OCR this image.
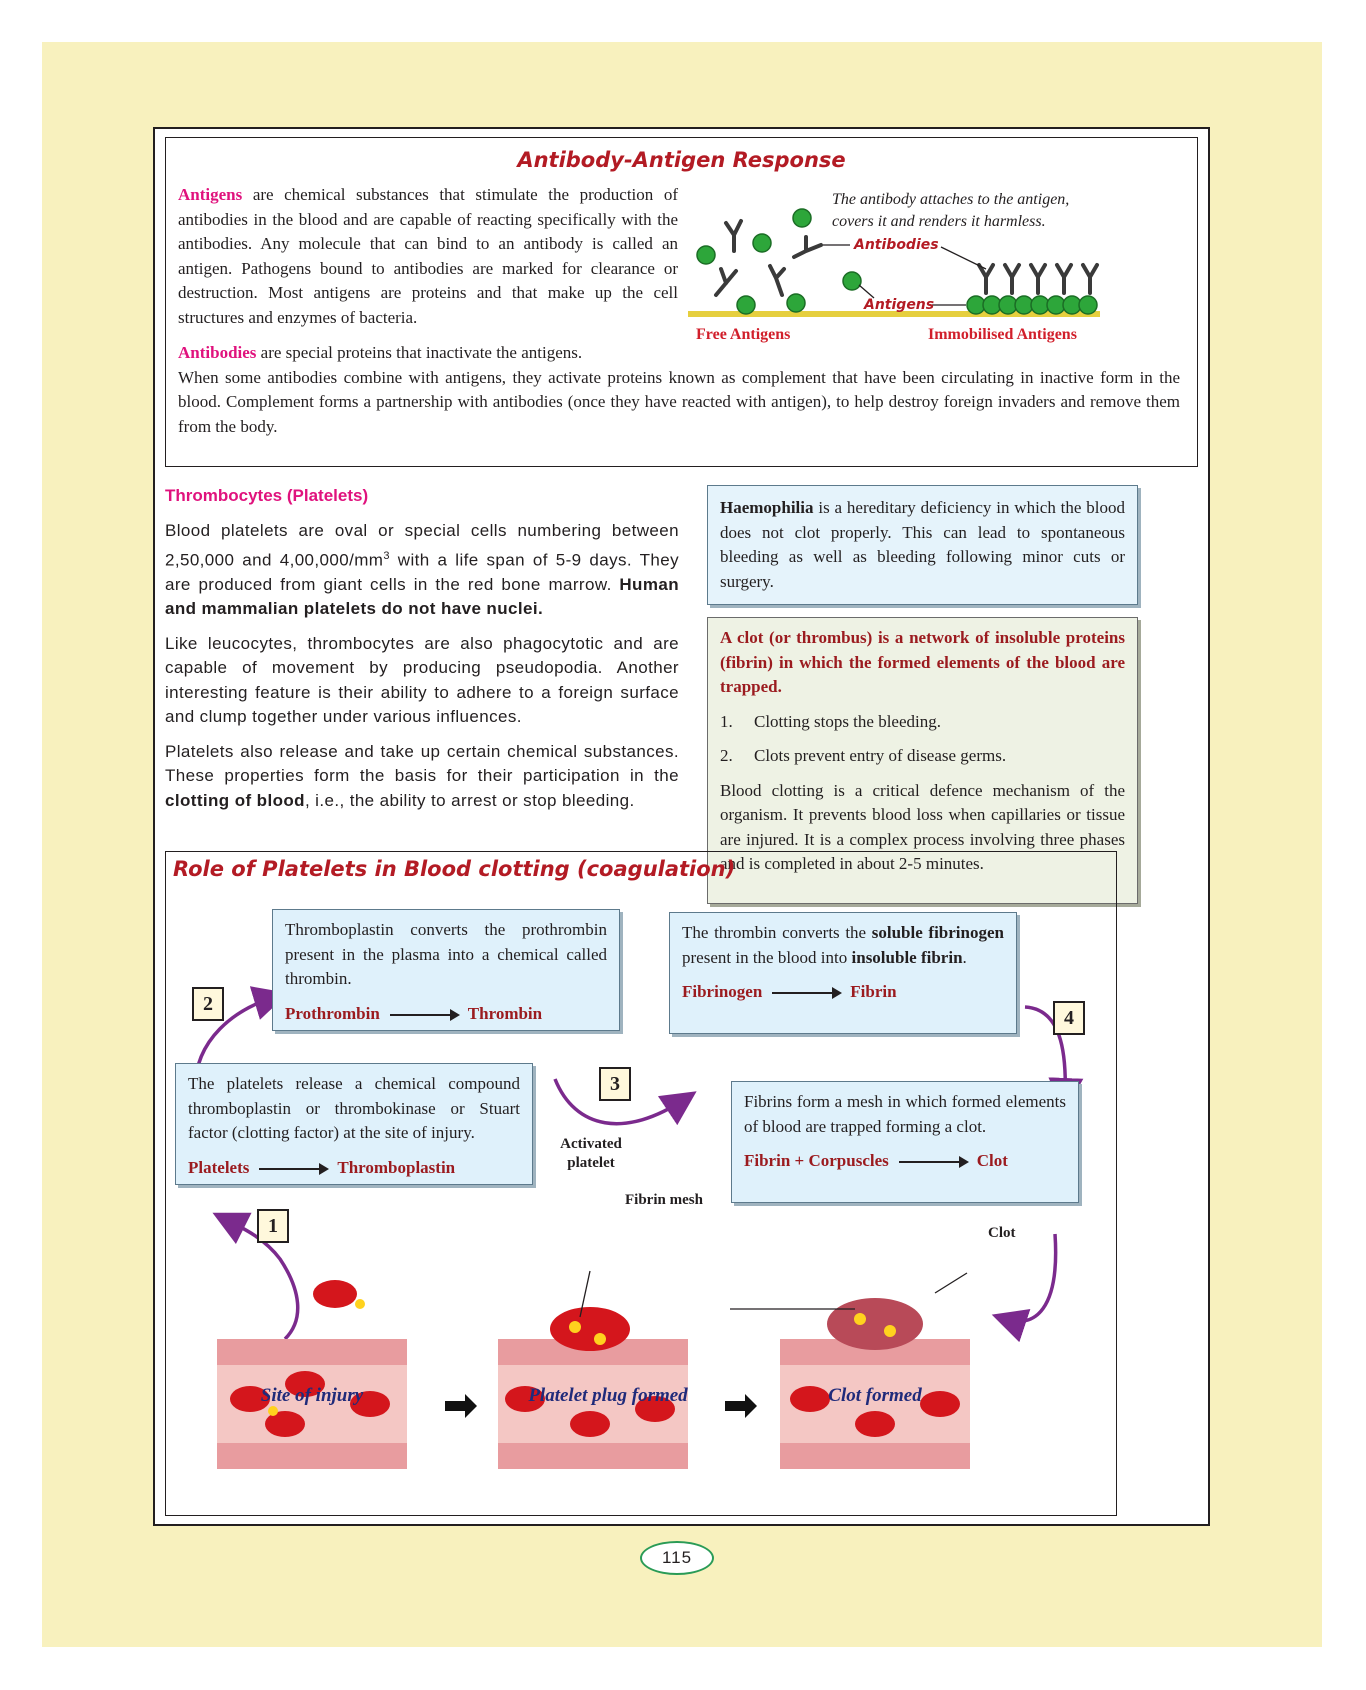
Antibody-Antigen Response

Antigens are chemical substances that stimulate the production of antibodies in the blood and are capable of reacting specifically with the antibodies. Any molecule that can bind to an antibody is called an antigen. Pathogens bound to antibodies are marked for clearance or destruction. Most antigens are proteins and that make up the cell structures and enzymes of bacteria.

The antibody attaches to the antigen, covers it and renders it harmless.
Antibodies
Antigens
Free Antigens	Immobilised Antigens

Antibodies are special proteins that inactivate the antigens.
When some antibodies combine with antigens, they activate proteins known as complement that have been circulating in inactive form in the blood. Complement forms a partnership with antibodies (once they have reacted with antigen), to help destroy foreign invaders and remove them from the body.

Thrombocytes (Platelets)

Blood platelets are oval or special cells numbering between 2,50,000 and $4,00,000/mm^3$ with a life span of 5-9 days. They are produced from giant cells in the red bone marrow. Human and mammalian platelets do not have nuclei.

Like leucocytes, thrombocytes are also phagocytotic and are capable of movement by producing pseudopodia. Another interesting feature is their ability to adhere to a foreign surface and clump together under various influences.

Platelets also release and take up certain chemical substances. These properties form the basis for their participation in the clotting of blood, i.e., the ability to arrest or stop bleeding.

Haemophilia is a hereditary deficiency in which the blood does not clot properly. This can lead to spontaneous bleeding as well as bleeding following minor cuts or surgery.

A clot (or thrombus) is a network of insoluble proteins (fibrin) in which the formed elements of the blood are trapped.

1. Clotting stops the bleeding.
2. Clots prevent entry of disease germs.

Blood clotting is a critical defence mechanism of the organism. It prevents blood loss when capillaries or tissue are injured. It is a complex process involving three phases and is completed in about 2-5 minutes.

Role of Platelets in Blood clotting (coagulation)
2
3
4
1

Thromboplastin converts the prothrombin present in the plasma into a chemical called thrombin.

Prothrombin → Thrombin

The thrombin converts the soluble fibrinogen present in the blood into insoluble fibrin.

Fibrinogen → Fibrin

The platelets release a chemical compound thromboplastin or thrombokinase or Stuart factor (clotting factor) at the site of injury.

Platelets → Thromboplastin

Fibrins form a mesh in which formed elements of blood are trapped forming a clot.

Fibrin + Corpuscles → Clot

Activated platelet
Fibrin mesh
Clot
Site of injury	Platelet plug formed	Clot formed
115
